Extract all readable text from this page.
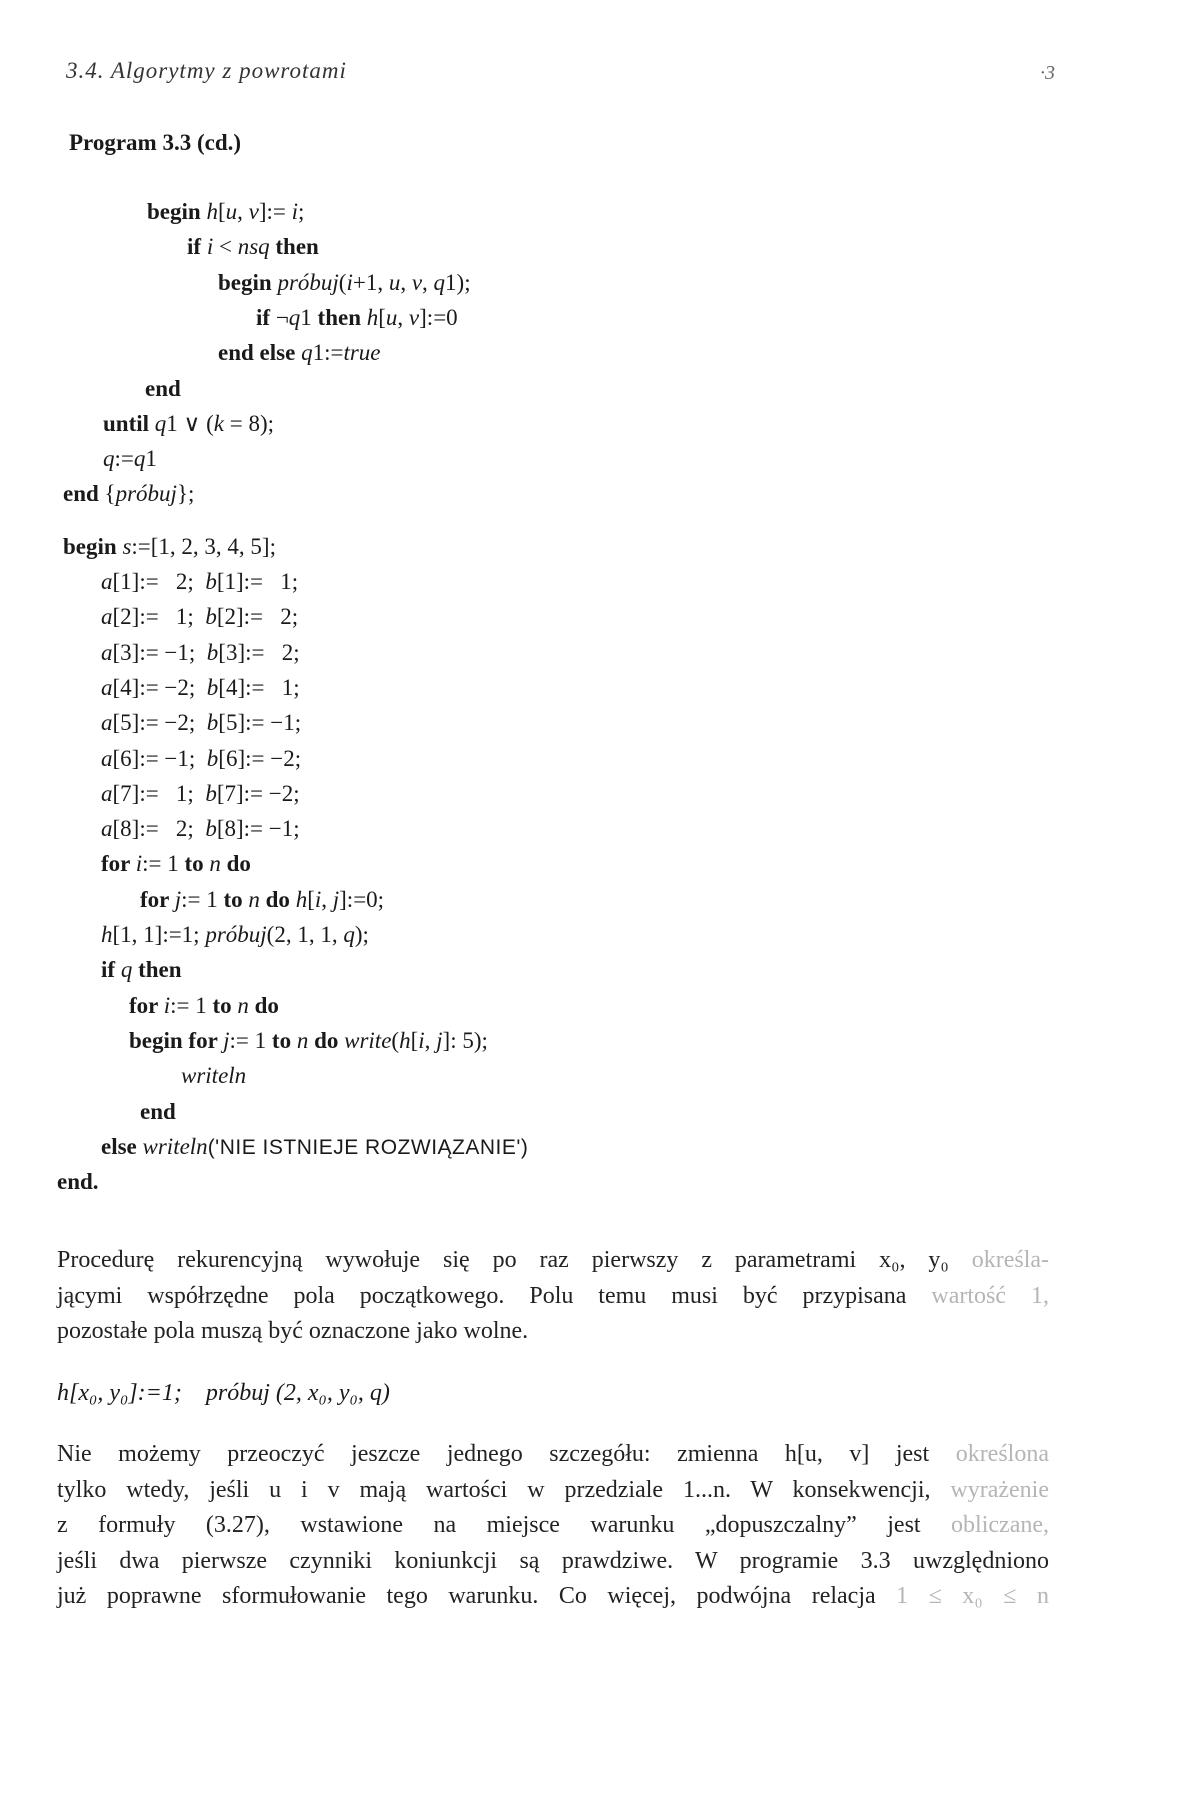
3.4. Algorytmy z powrotami	·3
Program 3.3 (cd.)
begin h[u, v]:= i;
if i < nsq then
begin próbuj(i+1, u, v, q1);
if ¬q1 then h[u, v]:=0
end else q1:=true
end
until q1 ∨ (k = 8);
q:=q1
end {próbuj};
begin s:=[1, 2, 3, 4, 5];
a[1]:=   2;  b[1]:=   1;
a[2]:=   1;  b[2]:=   2;
a[3]:= −1;  b[3]:=   2;
a[4]:= −2;  b[4]:=   1;
a[5]:= −2;  b[5]:= −1;
a[6]:= −1;  b[6]:= −2;
a[7]:=   1;  b[7]:= −2;
a[8]:=   2;  b[8]:= −1;
for i:= 1 to n do
for j:= 1 to n do h[i, j]:=0;
h[1, 1]:=1; próbuj(2, 1, 1, q);
if q then
for i:= 1 to n do
begin for j:= 1 to n do write(h[i, j]: 5);
writeln
end
else writeln('NIE ISTNIEJE ROZWIĄZANIE')
end.
Procedurę rekurencyjną wywołuje się po raz pierwszy z parametrami x₀, y₀ określa-
jącymi współrzędne pola początkowego. Polu temu musi być przypisana wartość 1,
pozostałe pola muszą być oznaczone jako wolne.
h[x₀, y₀]:=1;    próbuj (2, x₀, y₀, q)
Nie możemy przeoczyć jeszcze jednego szczegółu: zmienna h[u, v] jest określona
tylko wtedy, jeśli u i v mają wartości w przedziale 1...n. W konsekwencji, wyrażenie
z formuły (3.27), wstawione na miejsce warunku „dopuszczalny” jest obliczane,
jeśli dwa pierwsze czynniki koniunkcji są prawdziwe. W programie 3.3 uwzględniono
już poprawne sformułowanie tego warunku. Co więcej, podwójna relacja 1 ≤ x₀ ≤ n
